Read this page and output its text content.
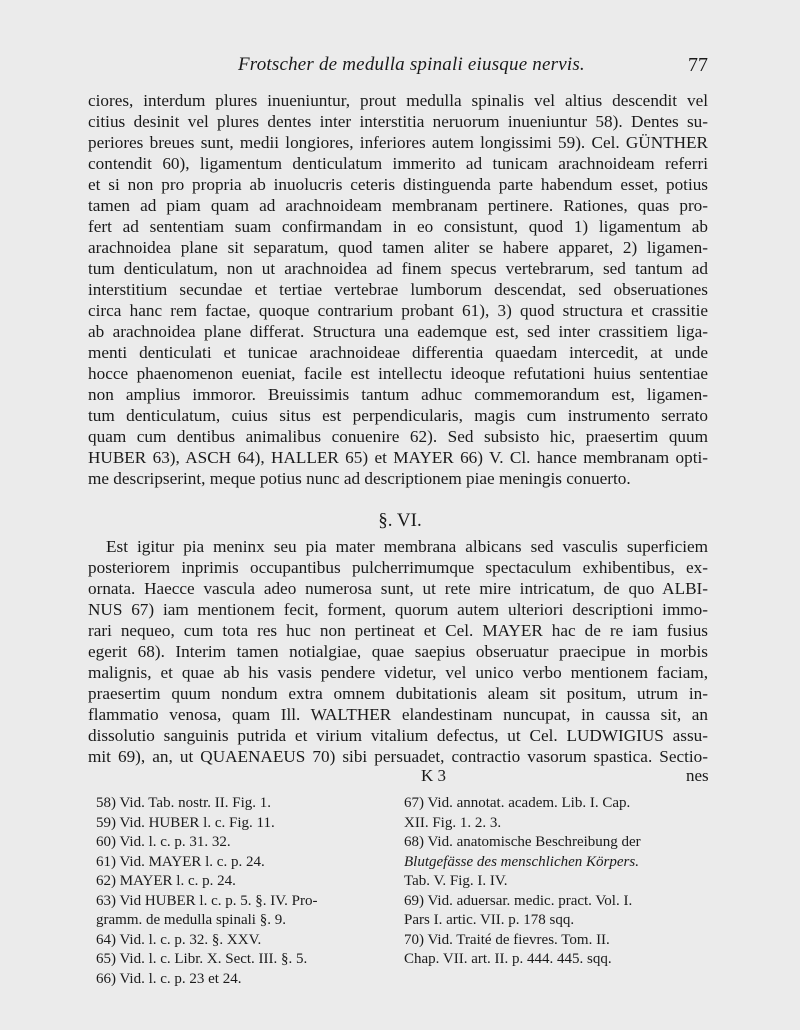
Frotscher de medulla spinali eiusque nervis.	77
ciores, interdum plures inueniuntur, prout medulla spinalis vel altius descendit vel
citius desinit vel plures dentes inter interstitia neruorum inueniuntur 58). Dentes su-
periores breues sunt, medii longiores, inferiores autem longissimi 59). Cel. GÜNTHER
contendit 60), ligamentum denticulatum immerito ad tunicam arachnoideam referri
et si non pro propria ab inuolucris ceteris distinguenda parte habendum esset, potius
tamen ad piam quam ad arachnoideam membranam pertinere. Rationes, quas pro-
fert ad sententiam suam confirmandam in eo consistunt, quod 1) ligamentum ab
arachnoidea plane sit separatum, quod tamen aliter se habere apparet, 2) ligamen-
tum denticulatum, non ut arachnoidea ad finem specus vertebrarum, sed tantum ad
interstitium secundae et tertiae vertebrae lumborum descendat, sed obseruationes
circa hanc rem factae, quoque contrarium probant 61), 3) quod structura et crassitie
ab arachnoidea plane differat. Structura una eademque est, sed inter crassitiem liga-
menti denticulati et tunicae arachnoideae differentia quaedam intercedit, at unde
hocce phaenomenon eueniat, facile est intellectu ideoque refutationi huius sententiae
non amplius immoror. Breuissimis tantum adhuc commemorandum est, ligamen-
tum denticulatum, cuius situs est perpendicularis, magis cum instrumento serrato
quam cum dentibus animalibus conuenire 62). Sed subsisto hic, praesertim quum
HUBER 63), ASCH 64), HALLER 65) et MAYER 66) V. Cl. hance membranam opti-
me descripserint, meque potius nunc ad descriptionem piae meningis conuerto.
§. VI.
Est igitur pia meninx seu pia mater membrana albicans sed vasculis superficiem
posteriorem inprimis occupantibus pulcherrimumque spectaculum exhibentibus, ex-
ornata. Haecce vascula adeo numerosa sunt, ut rete mire intricatum, de quo ALBI-
NUS 67) iam mentionem fecit, forment, quorum autem ulteriori descriptioni immo-
rari nequeo, cum tota res huc non pertineat et Cel. MAYER hac de re iam fusius
egerit 68). Interim tamen notialgiae, quae saepius obseruatur praecipue in morbis
malignis, et quae ab his vasis pendere videtur, vel unico verbo mentionem faciam,
praesertim quum nondum extra omnem dubitationis aleam sit positum, utrum in-
flammatio venosa, quam Ill. WALTHER elandestinam nuncupat, in caussa sit, an
dissolutio sanguinis putrida et virium vitalium defectus, ut Cel. LUDWIGIUS assu-
mit 69), an, ut QUAENAEUS 70) sibi persuadet, contractio vasorum spastica. Sectio-
K 3	nes
58) Vid. Tab. nostr. II. Fig. 1.
59) Vid. HUBER l. c. Fig. 11.
60) Vid. l. c. p. 31. 32.
61) Vid. MAYER l. c. p. 24.
62) MAYER l. c. p. 24.
63) Vid HUBER l. c. p. 5. §. IV. Pro-
gramm. de medulla spinali §. 9.
64) Vid. l. c. p. 32. §. XXV.
65) Vid. l. c. Libr. X. Sect. III. §. 5.
66) Vid. l. c. p. 23 et 24.
67) Vid. annotat. academ. Lib. I. Cap.
XII. Fig. 1. 2. 3.
68) Vid. anatomische Beschreibung der
Blutgefässe des menschlichen Körpers.
Tab. V. Fig. I. IV.
69) Vid. aduersar. medic. pract. Vol. I.
Pars I. artic. VII. p. 178 sqq.
70) Vid. Traité de fievres. Tom. II.
Chap. VII. art. II. p. 444. 445. sqq.
